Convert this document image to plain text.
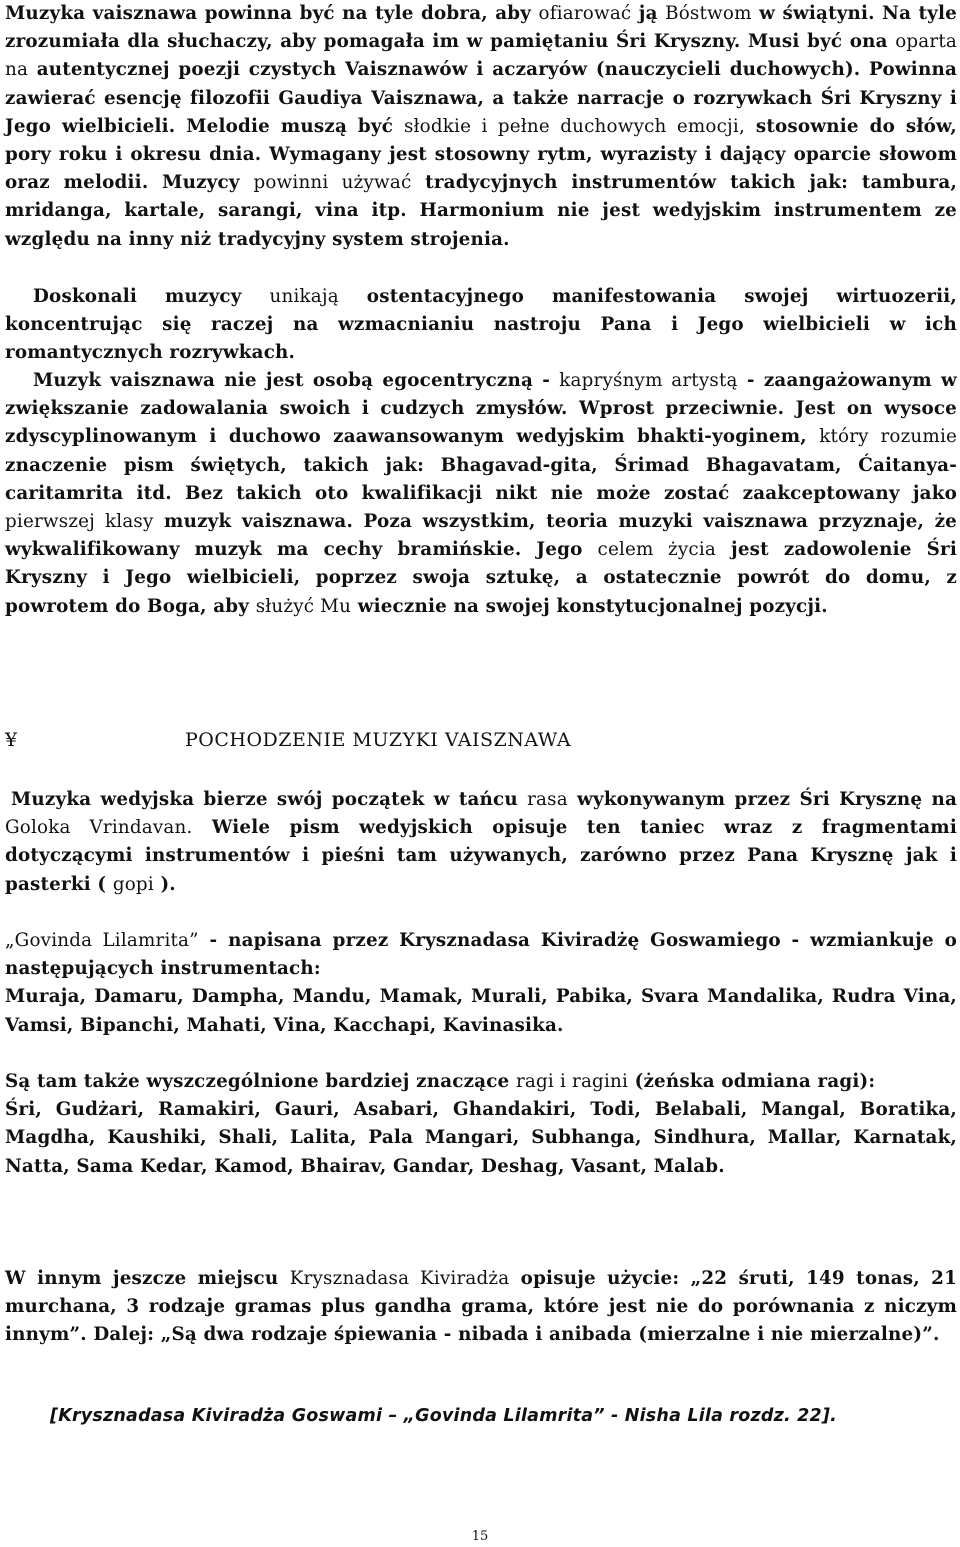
Muzyka vaisznawa powinna być na tyle dobra, aby ofiarować ją Bóstwom w świątyni. Na tyle zrozumiała dla słuchaczy, aby pomagała im w pamiętaniu Śri Kryszny. Musi być ona oparta na autentycznej poezji czystych Vaisznawów i aczaryów (nauczycieli duchowych). Powinna zawierać esencję filozofii Gaudiya Vaisznawa, a także narracje o rozrywkach Śri Kryszny i Jego wielbicieli. Melodie muszą być słodkie i pełne duchowych emocji, stosownie do słów, pory roku i okresu dnia. Wymagany jest stosowny rytm, wyrazisty i dający oparcie słowom oraz melodii. Muzycy powinni używać tradycyjnych instrumentów takich jak: tambura, mridanga, kartale, sarangi, vina itp. Harmonium nie jest wedyjskim instrumentem ze względu na inny niż tradycyjny system strojenia.

Doskonali muzycy unikają ostentacyjnego manifestowania swojej wirtuozerii, koncentrując się raczej na wzmacnianiu nastroju Pana i Jego wielbicieli w ich romantycznych rozrywkach.

Muzyk vaisznawa nie jest osobą egocentryczną - kapryśnym artystą - zaangażowanym w zwiększanie zadowalania swoich i cudzych zmysłów. Wprost przeciwnie. Jest on wysoce zdyscyplinowanym i duchowo zaawansowanym wedyjskim bhakti-yoginem, który rozumie znaczenie pism świętych, takich jak: Bhagavad-gita, Śrimad Bhagavatam, Ćaitanya-caritamrita itd. Bez takich oto kwalifikacji nikt nie może zostać zaakceptowany jako pierwszej klasy muzyk vaisznawa. Poza wszystkim, teoria muzyki vaisznawa przyznaje, że wykwalifikowany muzyk ma cechy bramińskie. Jego celem życia jest zadowolenie Śri Kryszny i Jego wielbicieli, poprzez swoja sztukę, a ostatecznie powrót do domu, z powrotem do Boga, aby służyć Mu wiecznie na swojej konstytucjonalnej pozycji.

¥	POCHODZENIE MUZYKI VAISZNAWA

Muzyka wedyjska bierze swój początek w tańcu rasa wykonywanym przez Śri Krysznę na Goloka Vrindavan. Wiele pism wedyjskich opisuje ten taniec wraz z fragmentami dotyczącymi instrumentów i pieśni tam używanych, zarówno przez Pana Krysznę jak i pasterki ( gopi ).

„Govinda Lilamrita” - napisana przez Krysznadasa Kiviradżę Goswamiego - wzmiankuje o następujących instrumentach:
Muraja, Damaru, Dampha, Mandu, Mamak, Murali, Pabika, Svara Mandalika, Rudra Vina, Vamsi, Bipanchi, Mahati, Vina, Kacchapi, Kavinasika.

Są tam także wyszczególnione bardziej znaczące ragi i ragini (żeńska odmiana ragi):
Śri, Gudżari, Ramakiri, Gauri, Asabari, Ghandakiri, Todi, Belabali, Mangal, Boratika, Magdha, Kaushiki, Shali, Lalita, Pala Mangari, Subhanga, Sindhura, Mallar, Karnatak, Natta, Sama Kedar, Kamod, Bhairav, Gandar, Deshag, Vasant, Malab.

W innym jeszcze miejscu Krysznadasa Kiviradża opisuje użycie: „22 śruti, 149 tonas, 21 murchana, 3 rodzaje gramas plus gandha grama, które jest nie do porównania z niczym innym”. Dalej: „Są dwa rodzaje śpiewania - nibada i anibada (mierzalne i nie mierzalne)”.

[Krysznadasa Kiviradża Goswami – „Govinda Lilamrita” - Nisha Lila rozdz. 22].

15
